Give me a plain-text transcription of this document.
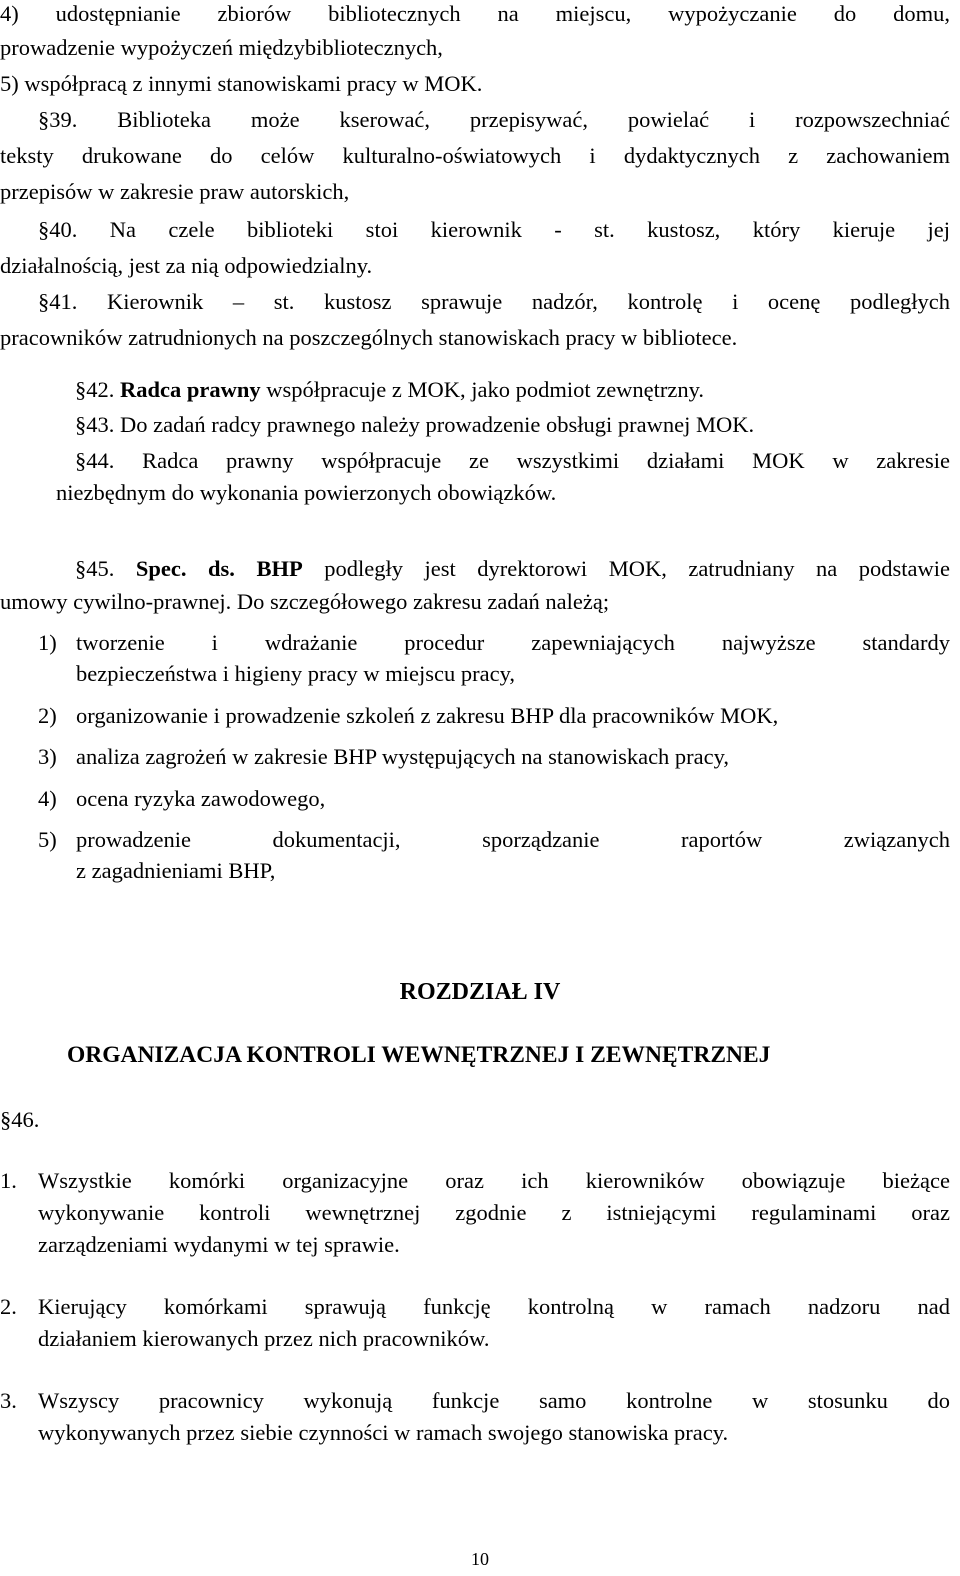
4) udostępnianie zbiorów bibliotecznych na miejscu, wypożyczanie do domu,
prowadzenie wypożyczeń międzybibliotecznych,
5) współpracą z innymi stanowiskami pracy w MOK.
§39. Biblioteka może kserować, przepisywać, powielać i rozpowszechniać
teksty drukowane do celów kulturalno-oświatowych i dydaktycznych z zachowaniem
przepisów w zakresie praw autorskich,
§40. Na czele biblioteki stoi kierownik - st. kustosz, który kieruje jej
działalnością, jest za nią odpowiedzialny.
§41. Kierownik – st. kustosz sprawuje nadzór, kontrolę i ocenę podległych
pracowników zatrudnionych na poszczególnych stanowiskach pracy w bibliotece.
§42. Radca prawny współpracuje z MOK, jako podmiot zewnętrzny.
§43. Do zadań radcy prawnego należy prowadzenie obsługi prawnej MOK.
§44. Radca prawny współpracuje ze wszystkimi działami MOK w zakresie
niezbędnym do wykonania powierzonych obowiązków.
§45. Spec. ds. BHP podległy jest dyrektorowi MOK, zatrudniany na podstawie
umowy cywilno-prawnej. Do szczegółowego zakresu zadań należą;
1) tworzenie i wdrażanie procedur zapewniających najwyższe standardy
bezpieczeństwa i higieny pracy w miejscu pracy,
2) organizowanie i prowadzenie szkoleń z zakresu BHP dla pracowników MOK,
3) analiza zagrożeń w zakresie BHP występujących na stanowiskach pracy,
4) ocena ryzyka zawodowego,
5) prowadzenie dokumentacji, sporządzanie raportów związanych
z zagadnieniami BHP,
ROZDZIAŁ IV
ORGANIZACJA KONTROLI WEWNĘTRZNEJ I ZEWNĘTRZNEJ
§46.
1. Wszystkie komórki organizacyjne oraz ich kierowników obowiązuje bieżące
wykonywanie kontroli wewnętrznej zgodnie z istniejącymi regulaminami oraz
zarządzeniami wydanymi w tej sprawie.
2. Kierujący komórkami sprawują funkcję kontrolną w ramach nadzoru nad
działaniem kierowanych przez nich pracowników.
3. Wszyscy pracownicy wykonują funkcje samo kontrolne w stosunku do
wykonywanych przez siebie czynności w ramach swojego stanowiska pracy.
10
